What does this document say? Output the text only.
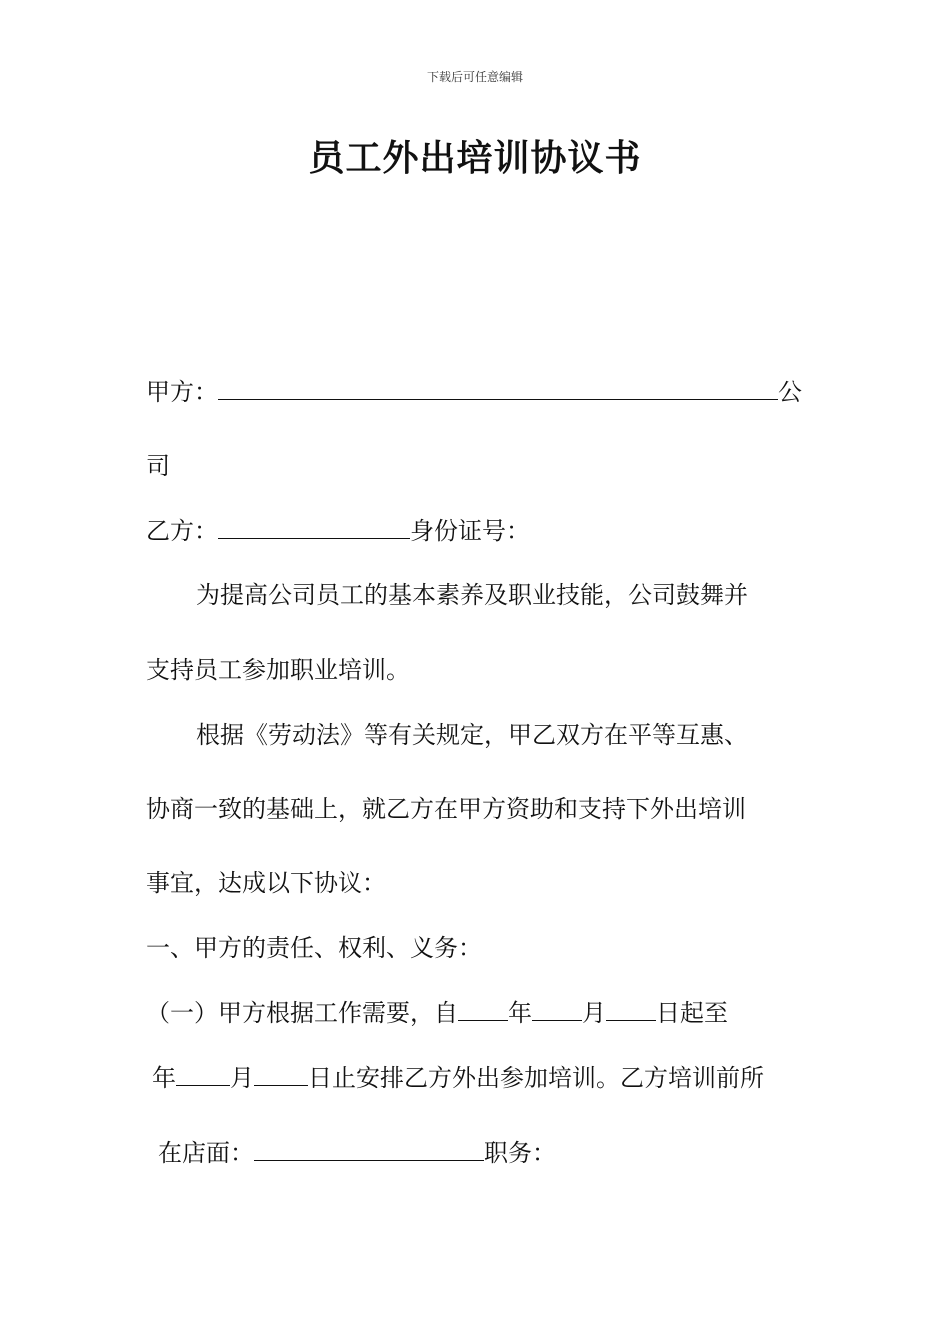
下载后可任意编辑
员工外出培训协议书
甲方：	公
司
乙方：	身份证号：
为提高公司员工的基本素养及职业技能，公司鼓舞并
支持员工参加职业培训。
根据《劳动法》等有关规定，甲乙双方在平等互惠、
协商一致的基础上，就乙方在甲方资助和支持下外出培训
事宜，达成以下协议：
一、甲方的责任、权利、义务：
（一）甲方根据工作需要，自 年 月 日起至
年 月 日止安排乙方外出参加培训。乙方培训前所
在店面：	职务：
